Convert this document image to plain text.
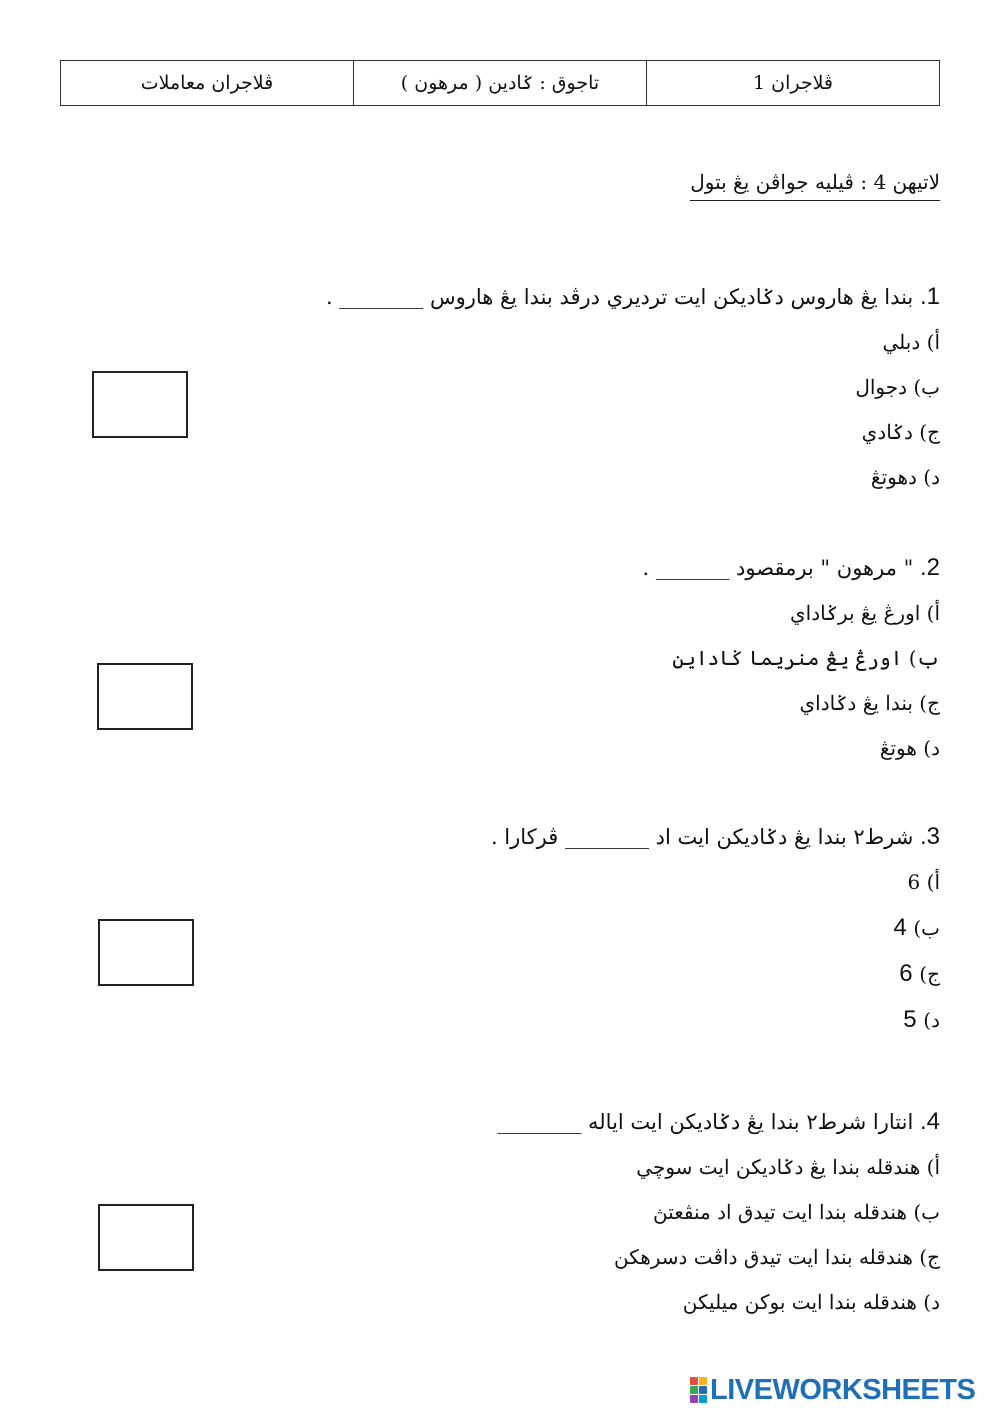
ڤلاجران 1	تاجوق : ݢادين ( مرهون )	ڤلاجران معاملات
لاتيهن 4 : ڤيليه جواڤن يڠ بتول
1. بندا يڠ هاروس دݢاديكن ايت ترديري درڤد بندا يڠ هاروس ________ .
أ) دبلي
ب) دجوال
ج) دݢادي
د) دهوتڠ
2. " مرهون " برمقصود _______ .
أ) اورڠ يڠ برݢاداي
ب) اورڠ يڠ منريما ݢاداين
ج) بندا يڠ دݢاداي
د) هوتڠ
3. شرط٢ بندا يڠ دݢاديكن ايت اد ________ ڤركارا .
أ) 6
ب) 4
ج) 6
د) 5
4. انتارا شرط٢ بندا يڠ دݢاديكن ايت اياله ________
أ) هندقله بندا يڠ دݢاديكن ايت سوچي
ب) هندقله بندا ايت تيدق اد منڤعتڽ
ج) هندقله بندا ايت تيدق داڤت دسرهكن
د) هندقله بندا ايت بوكن ميليكن
LIVEWORKSHEETS
